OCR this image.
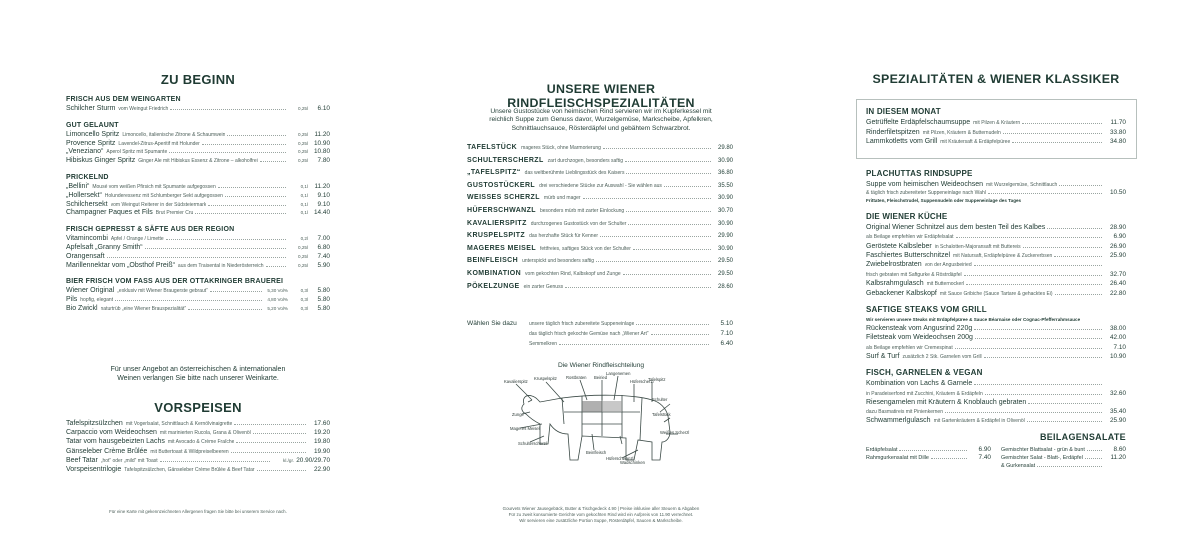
ZU BEGINN
FRISCH AUS DEM WEINGARTEN
Schilcher Sturm vom Weingut Friedrich	0,25l	6.10
GUT GELAUNT
Limoncello Spritz Limoncello, italienische Zitrone & Schaumwein	0,25l	11.20
Provence Spritz Lavendel-Zitrus-Aperitif mit Holunder	0,25l 10.90
„Veneziano“ Aperol Spritz mit Spumante	0,25l 10.80
Hibiskus Ginger Spritz Ginger Ale mit Hibiskus Essenz & Zitrone – alkoholfrei	0,25l	7.80
PRICKELND
„Bellini“ Mousé vom weißen Pfirsich mit Spumante aufgegossen	0,1l	11.20
„Hollersekt“ Holunderessenz mit Schlumberger Sekt aufgegossen	0,1l	9.10
Schilchersekt vom Weingut Reiterer in der Südsteiermark	0,1l	9.10
Champagner Paques et Fils Brut Premier Cru	0,1l 14.40
FRISCH GEPRESST & SÄFTE AUS DER REGION
Vitamincombi Apfel / Orange / Limette	0,2l	7.00
Apfelsaft „Granny Smith“	0,25l	6.80
Orangensaft	0,25l	7.40
Marillennektar vom „Obsthof Preiß“ aus dem Traisental in Niederösterreich	0,25l	5.90
BIER FRISCH VOM FASS AUS DER OTTAKRINGER BRAUEREI
Wiener Original „exklusiv mit Wiener Braugerste gebraut“	5,30 Vol%	0,3l	5.80
Pils hopfig, elegant	4,80 Vol%	0,3l	5.80
Bio Zwickl naturtrüb „eine Wiener Brauspezialität“	5,20 Vol%	0,3l	5.80
Für unser Angebot an österreichischen & internationalen
Weinen verlangen Sie bitte nach unserer Weinkarte.
VORSPEISEN
Tafelspitzsülzchen mit Vogerlsalat, Schnittlauch & Kernölvinaigrette	17.60
Carpaccio vom Weideochsen mit marinierten Rucola, Grana & Olivenöl	19.20
Tatar vom hausgebeizten Lachs mit Avocado & Crème Fraîche	19.80
Gänseleber Crème Brûlée mit Buttertoast & Wildpreiselbeeren	19.90
Beef Tatar „hot“ oder „mild“ mit Toast	kl./gr. 20.90/29.70
Vorspeisentrilogie Tafelspitzsülzchen, Gänseleber Crème Brûlée & Beef Tatar	22.90
Für eine Karte mit gekennzeichneten Allergenen fragen Sie bitte bei unserem Service nach.
UNSERE WIENER RINDFLEISCHSPEZIALITÄTEN
Unsere Gustostücke von heimischen Rind servieren wir im Kupferkessel mit
reichlich Suppe zum Genuss davor, Wurzelgemüse, Markscheibe, Apfelkren,
Schnittlauchsauce, Rösterdäpfel und gebähtem Schwarzbrot.
TAFELSTÜCK mageres Stück, ohne Marmorierung	29.80
SCHULTERSCHERZL zart durchzogen, besonders saftig	30.90
„TAFELSPITZ“ das weltberühmte Lieblingsstück des Kaisers	36.80
GUSTOSTÜCKERL drei verschiedene Stücke zur Auswahl - Sie wählen aus	35.50
WEISSES SCHERZL mürb und mager	30.90
HÜFERSCHWANZL besonders mürb mit zarter Einlockung	30.70
KAVALIERSPITZ durchzogenes Gustostück von der Schulter	30.90
KRUSPELSPITZ das herzhafte Stück für Kenner	29.90
MAGERES MEISEL fettfreies, saftiges Stück von der Schulter	30.90
BEINFLEISCH unterspickt und besonders saftig	29.50
KOMBINATION vom gekochten Rind, Kalbskopf und Zunge	29.50
PÖKELZUNGE ein zarter Genuss	28.60
Wählen Sie dazu	unsere täglich frisch zubereitete Suppeneinlage	5.10
das täglich frisch gekochte Gemüse nach „Wiener Art“	7.10
Semmelkren	6.40
Die Wiener Rindfleischteilung
Kavalierspitz
Kruspelspitz Rostbraten Beiried
Langeriemen
Hüferscherzl
Tafelspitz
Schulter
Tafelstück
Zunge
Mageres Meisel
Schulterscherzl
Beinfleisch
Weißes Scherzl
Hüferschwanzl
Wadschinken
Gourvets Wiener Jausegebäck, Butter & Tischgedeck 4.90 | Preise inklusive aller Steuern & Abgaben
Für zu zweit konsumierte Gerichte vom gekochten Rind wird ein Aufpreis von 11.90 verrechnet.
Wir servieren eine zusätzliche Portion Suppe, Rösterdäpfel, Saucen & Markscheibe.
SPEZIALITÄTEN & WIENER KLASSIKER
IN DIESEM MONAT
Getrüffelte Erdäpfelschaumsuppe mit Pilzen & Kräutern	11.70
Rinderfiletspitzen mit Pilzen, Kräutern & Butternudeln	33.80
Lammkotletts vom Grill mit Kräutersaft & Erdäpfelpüree	34.80
PLACHUTTAS RINDSUPPE
Suppe vom heimischen Weideochsen mit Wurzelgemüse, Schnittlauch
& täglich frisch zubereiteter Suppeneinlage nach Wahl	10.50
Frittaten, Fleischstrudel, Suppennudeln oder Suppeneinlage des Tages
DIE WIENER KÜCHE
Original Wiener Schnitzel aus dem besten Teil des Kalbes	28.90
als Beilage empfehlen wir Erdäpfelsalat	6.90
Geröstete Kalbsleber in Schalotten-Majoransaft mit Buttereis	26.90
Faschiertes Butterschnitzel mit Natursaft, Erdäpfelpüree & Zuckererbsen	25.90
Zwiebelrostbraten von der Angusbeiried
frisch gebraten mit Saftgurke & Röstrdäpfel	32.70
Kalbsrahmgulasch mit Butternockerl	26.40
Gebackener Kalbskopf mit Sauce Gribiche (Sauce Tartare & gehacktes Ei)	22.80
SAFTIGE STEAKS VOM GRILL
Wir servieren unsere Steaks mit Erdäpfelpüree & Sauce Béarnaise oder Cognac-Pfefferrahmsauce
Rückensteak vom Angusrind 220g	38.00
Filetsteak vom Weideochsen 200g	42.00
als Beilage empfehlen wir Cremespinat	7.10
Surf & Turf zusätzlich 2 Stk. Garnelen vom Grill	10.90
FISCH, GARNELEN & VEGAN
Kombination von Lachs & Garnele
in Paradeiserfond mit Zucchini, Kräutern & Erdäpfeln	32.60
Riesengarnelen mit Kräutern & Knoblauch gebraten
dazu Basmatireis mit Pinienkernen	35.40
Schwammerlgulasch mit Gartenkräutern & Erdäpfel in Olivenöl	25.90
BEILAGENSALATE
Erdäpfelsalat	6.90
Rahmgurkensalat mit Dille	7.40
Gemischter Blattsalat - grün & bunt	8.60
Gemischter Salat - Blatt-, Erdäpfel	11.20
& Gurkensalat
